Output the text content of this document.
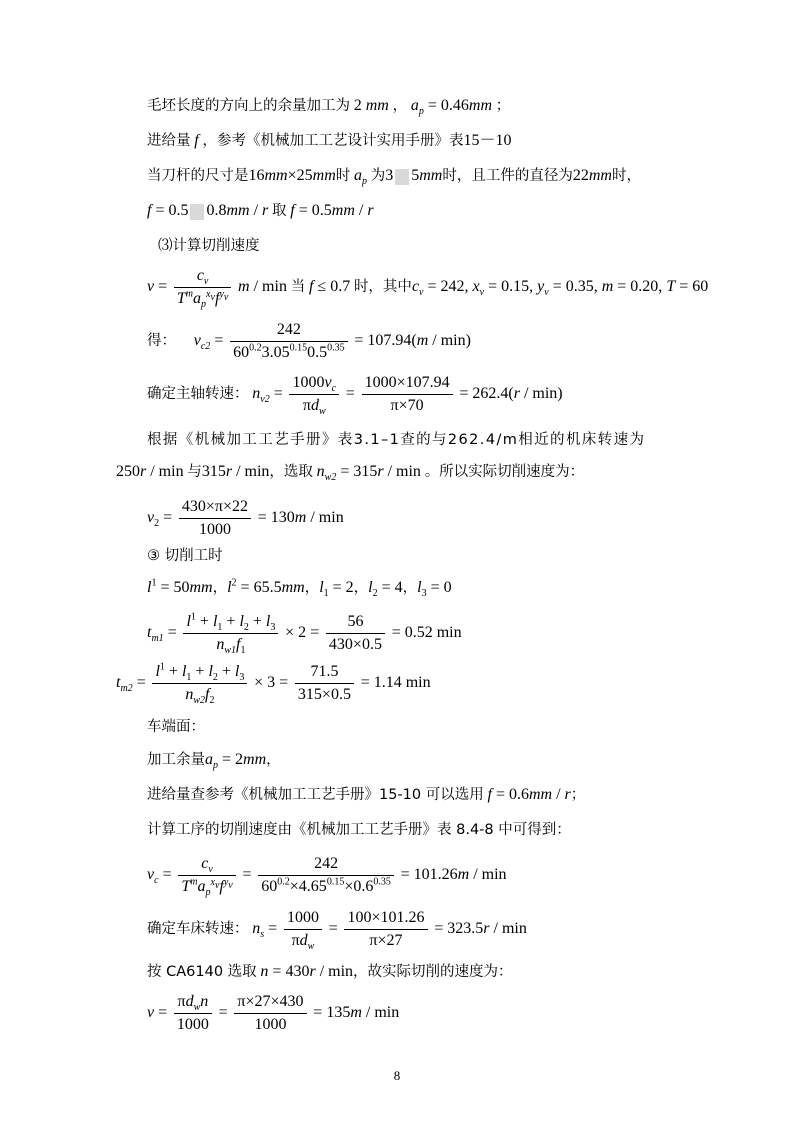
毛坯长度的方向上的余量加工为 2 mm ， $a_p = 0.46mm$ ；
进给量 f ，参考《机械加工工艺设计实用手册》表15－10
当刀杆的尺寸是16mm×25mm时 $a_p$ 为3 5mm时，且工件的直径为22mm时，
f = 0.5 0.8mm / r 取 f = 0.5mm / r
⑶计算切削速度
$v = \frac{c_v}{T^ma_p^{x_v}f^{y_v}}$ m / min 当 f ≤ 0.7 时，其中$c_v = 242$, $x_v = 0.15$, $y_v = 0.35$, m = 0.20, T = 60
得： $v_{c2} = \frac{242}{60^{0.2}3.05^{0.15}0.5^{0.35}} = 107.94(m / \min)$
确定主轴转速： $n_{v2} = \frac{1000v_c}{\pi d_w} = \frac{1000\times 107.94}{\pi\times 70} = 262.4(r / \min)$
根据《机械加工工艺手册》表3.1–1查的与262.4/m相近的机床转速为
250r / min 与315r / min，选取 $n_{w2} = 315r / \min$ 。所以实际切削速度为：
$v_2 = \frac{430\times\pi\times 22}{1000} = 130m / \min$
③ 切削工时
$l^1 = 50mm$，$l^2 = 65.5mm$，$l_1 = 2$，$l_2 = 4$，$l_3 = 0$
$t_{m1} = \frac{l^1 + l_1 + l_2 + l_3}{n_{w1}f_1} \times 2 = \frac{56}{430\times 0.5} = 0.52$ min
$t_{m2} = \frac{l^1 + l_1 + l_2 + l_3}{n_{w2}f_2} \times 3 = \frac{71.5}{315\times 0.5} = 1.14$ min
车端面：
加工余量$a_p = 2mm$，
进给量查参考《机械加工工艺手册》15-10 可以选用 f = 0.6mm / r；
计算工序的切削速度由《机械加工工艺手册》表 8.4-8 中可得到：
$v_c = \frac{c_v}{T^ma_p^{x_v}f^{y_v}} = \frac{242}{60^{0.2}\times 4.65^{0.15}\times 0.6^{0.35}} = 101.26m / \min$
确定车床转速： $n_s = \frac{1000}{\pi d_w} = \frac{100\times 101.26}{\pi\times 27} = 323.5r / \min$
按 CA6140 选取 n = 430r / min，故实际切削的速度为：
$v = \frac{\pi d_wn}{1000} = \frac{\pi\times 27\times 430}{1000} = 135m / \min$
8
